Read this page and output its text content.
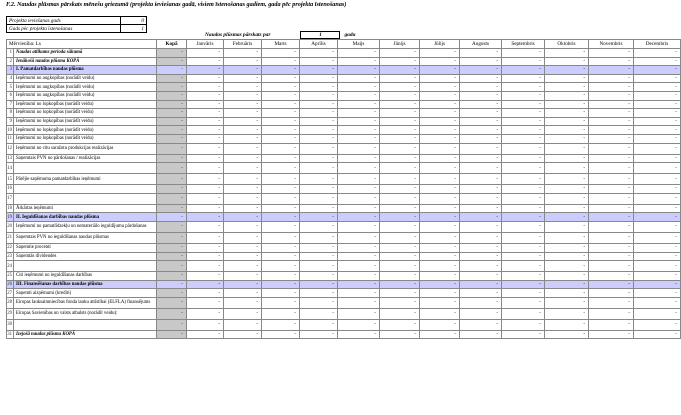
F.2. Naudas plūsmas pārskats mēnešu griezumā (projekta ieviešanas gadā, visiem īstenošanas gadiem, gada pēc projekta īstenošanas)
Projekta ieviešanas gads	0
Gads pēc projekta īstenošanas	1
Naudas plūsmas pārskats par	1	gadu
Mērvienība: Ls		Kopā	Janvāris	Februāris	Marts	Aprīlis	Maijs	Jūnijs	Jūlijs	Augusts	Septembris	Oktobris	Novembris	Decembris
1	Naudas atlikums perioda sākumā	-	-	-	-	-	-	-	-	-	-	-	-	-
2	Ienākošā naudas plūsma KOPĀ	-	-	-	-	-	-	-	-	-	-	-	-	-
3	I. Pamatdarbības naudas plūsma	-	-	-	-	-	-	-	-	-	-	-	-	-
4	Ieņēmumi no augkopības (norādīt veidu)	-	-	-	-	-	-	-	-	-	-	-	-	-
5	Ieņēmumi no augkopības (norādīt veidu)	-	-	-	-	-	-	-	-	-	-	-	-	-
6	Ieņēmumi no augkopības (norādīt veidu)	-	-	-	-	-	-	-	-	-	-	-	-	-
7	Ieņēmumi no lopkopības (norādīt veidu)	-	-	-	-	-	-	-	-	-	-	-	-	-
8	Ieņēmumi no lopkopības (norādīt veidu)	-	-	-	-	-	-	-	-	-	-	-	-	-
9	Ieņēmumi no lopkopības (norādīt veidu)	-	-	-	-	-	-	-	-	-	-	-	-	-
10	Ieņēmumi no lopkopības (norādīt veidu)	-	-	-	-	-	-	-	-	-	-	-	-	-
11	Ieņēmumi no lopkopības (norādīt veidu)	-	-	-	-	-	-	-	-	-	-	-	-	-
12	Ieņēmumi no citu saražotu produkcijas realizācijas	-	-	-	-	-	-	-	-	-	-	-	-	-
13	Saņemtais PVN no pārdošanas / realizācijas	-	-	-	-	-	-	-	-	-	-	-	-	-
14		-	-	-	-	-	-	-	-	-	-	-	-	-
15	Pārējie saņēmuma pamatdarbības ieņēmumi	-	-	-	-	-	-	-	-	-	-	-	-	-
16		-	-	-	-	-	-	-	-	-	-	-	-	-
17		-	-	-	-	-	-	-	-	-	-	-	-	-
18	Ārkārtas ieņēmumi	-	-	-	-	-	-	-	-	-	-	-	-	-
19	II. Ieguldīšanas darbības naudas plūsma	-	-	-	-	-	-	-	-	-	-	-	-	-
20	Ieņēmumi no pamatlīdzekļu un nemateriālo ieguldījumu pārdošanas	-	-	-	-	-	-	-	-	-	-	-	-	-
21	Saņemtais PVN no ieguldīšanas naudas plūsmas	-	-	-	-	-	-	-	-	-	-	-	-	-
22	Saņemtie procenti	-	-	-	-	-	-	-	-	-	-	-	-	-
23	Saņemtās dividendes	-	-	-	-	-	-	-	-	-	-	-	-	-
24		-	-	-	-	-	-	-	-	-	-	-	-	-
25	Citi ieņēmumi no ieguldīšanas darbības	-	-	-	-	-	-	-	-	-	-	-	-	-
26	III. Finansēšanas darbības naudas plūsma	-	-	-	-	-	-	-	-	-	-	-	-	-
27	Saņemti aizņēmumi (kredīti)	-	-	-	-	-	-	-	-	-	-	-	-	-
28	Eiropas lauksaimniecības fonda lauku attīstībai (ELFLA) finansējums	-	-	-	-	-	-	-	-	-	-	-	-	-
29	Eiropas Savienības un valsts atbalsts (norādīt veidu):	-	-	-	-	-	-	-	-	-	-	-	-	-
30		-	-	-	-	-	-	-	-	-	-	-	-	-
31	Izejošā naudas plūsma KOPĀ	-	-	-	-	-	-	-	-	-	-	-	-	-
